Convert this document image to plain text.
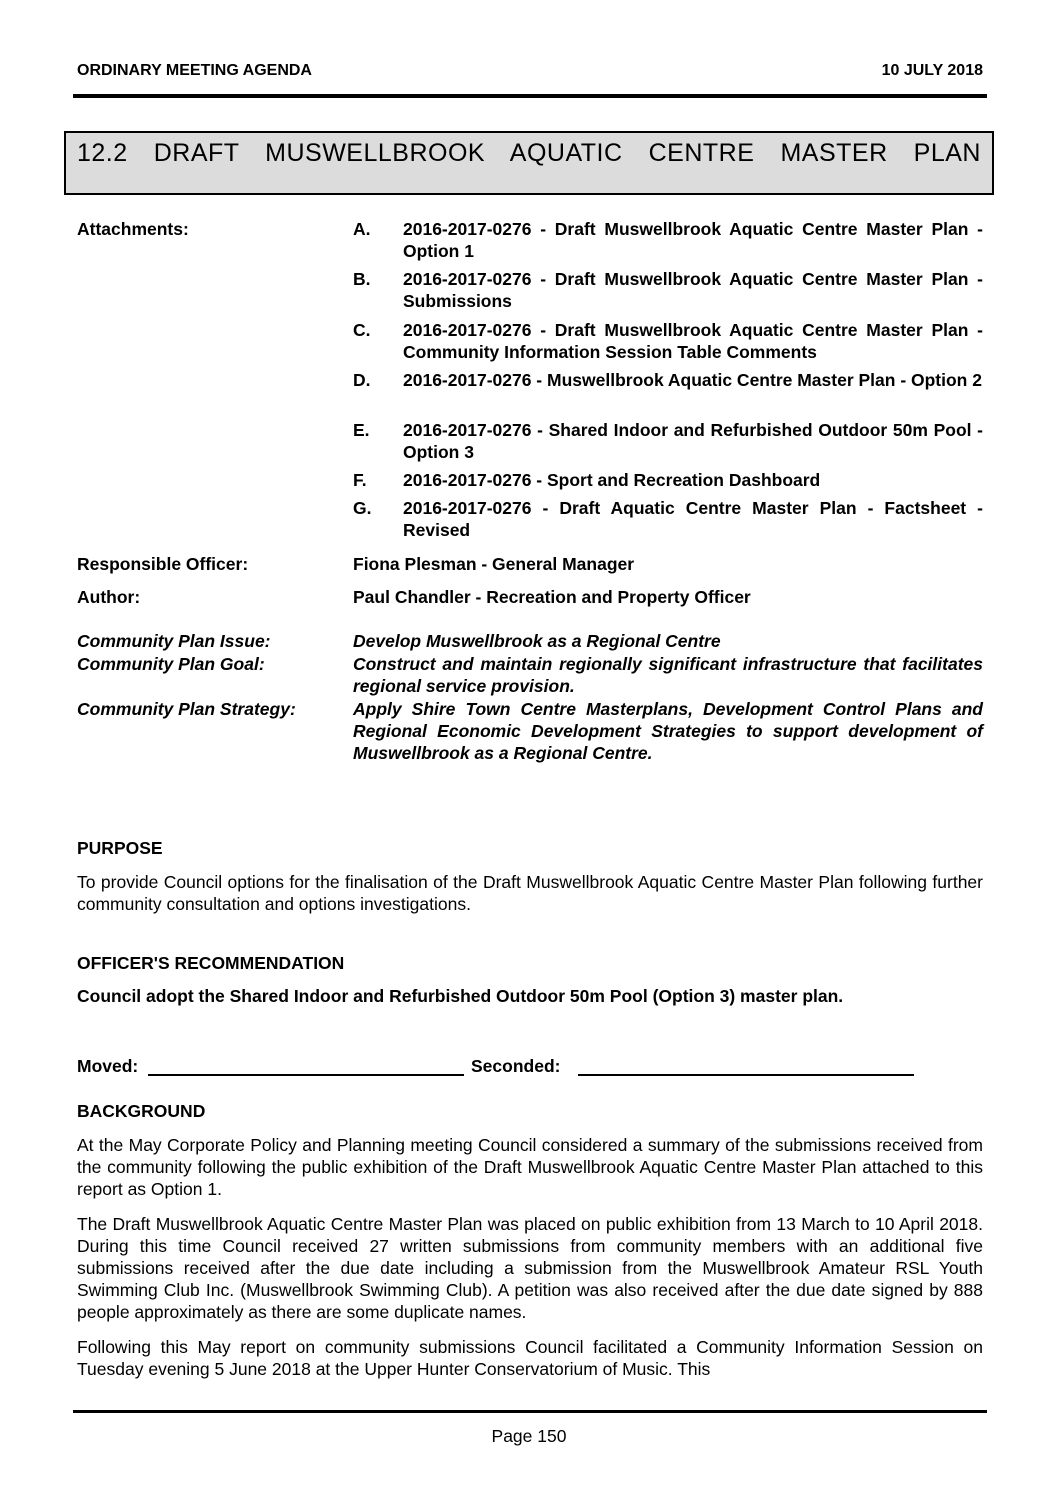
ORDINARY MEETING AGENDA	10 JULY 2018
12.2 DRAFT MUSWELLBROOK AQUATIC CENTRE MASTER PLAN
Attachments:	A. 2016-2017-0276 - Draft Muswellbrook Aquatic Centre Master Plan - Option 1
B. 2016-2017-0276 - Draft Muswellbrook Aquatic Centre Master Plan - Submissions
C. 2016-2017-0276 - Draft Muswellbrook Aquatic Centre Master Plan - Community Information Session Table Comments
D. 2016-2017-0276 - Muswellbrook Aquatic Centre Master Plan - Option 2
E. 2016-2017-0276 - Shared Indoor and Refurbished Outdoor 50m Pool - Option 3
F. 2016-2017-0276 - Sport and Recreation Dashboard
G. 2016-2017-0276 - Draft Aquatic Centre Master Plan - Factsheet - Revised
Responsible Officer:	Fiona Plesman - General Manager
Author:	Paul Chandler - Recreation and Property Officer
Community Plan Issue:	Develop Muswellbrook as a Regional Centre
Community Plan Goal:	Construct and maintain regionally significant infrastructure that facilitates regional service provision.
Community Plan Strategy:	Apply Shire Town Centre Masterplans, Development Control Plans and Regional Economic Development Strategies to support development of Muswellbrook as a Regional Centre.
PURPOSE
To provide Council options for the finalisation of the Draft Muswellbrook Aquatic Centre Master Plan following further community consultation and options investigations.
OFFICER'S RECOMMENDATION
Council adopt the Shared Indoor and Refurbished Outdoor 50m Pool (Option 3) master plan.
Moved:	Seconded:
BACKGROUND
At the May Corporate Policy and Planning meeting Council considered a summary of the submissions received from the community following the public exhibition of the Draft Muswellbrook Aquatic Centre Master Plan attached to this report as Option 1.
The Draft Muswellbrook Aquatic Centre Master Plan was placed on public exhibition from 13 March to 10 April 2018. During this time Council received 27 written submissions from community members with an additional five submissions received after the due date including a submission from the Muswellbrook Amateur RSL Youth Swimming Club Inc. (Muswellbrook Swimming Club). A petition was also received after the due date signed by 888 people approximately as there are some duplicate names.
Following this May report on community submissions Council facilitated a Community Information Session on Tuesday evening 5 June 2018 at the Upper Hunter Conservatorium of Music. This
Page 150
